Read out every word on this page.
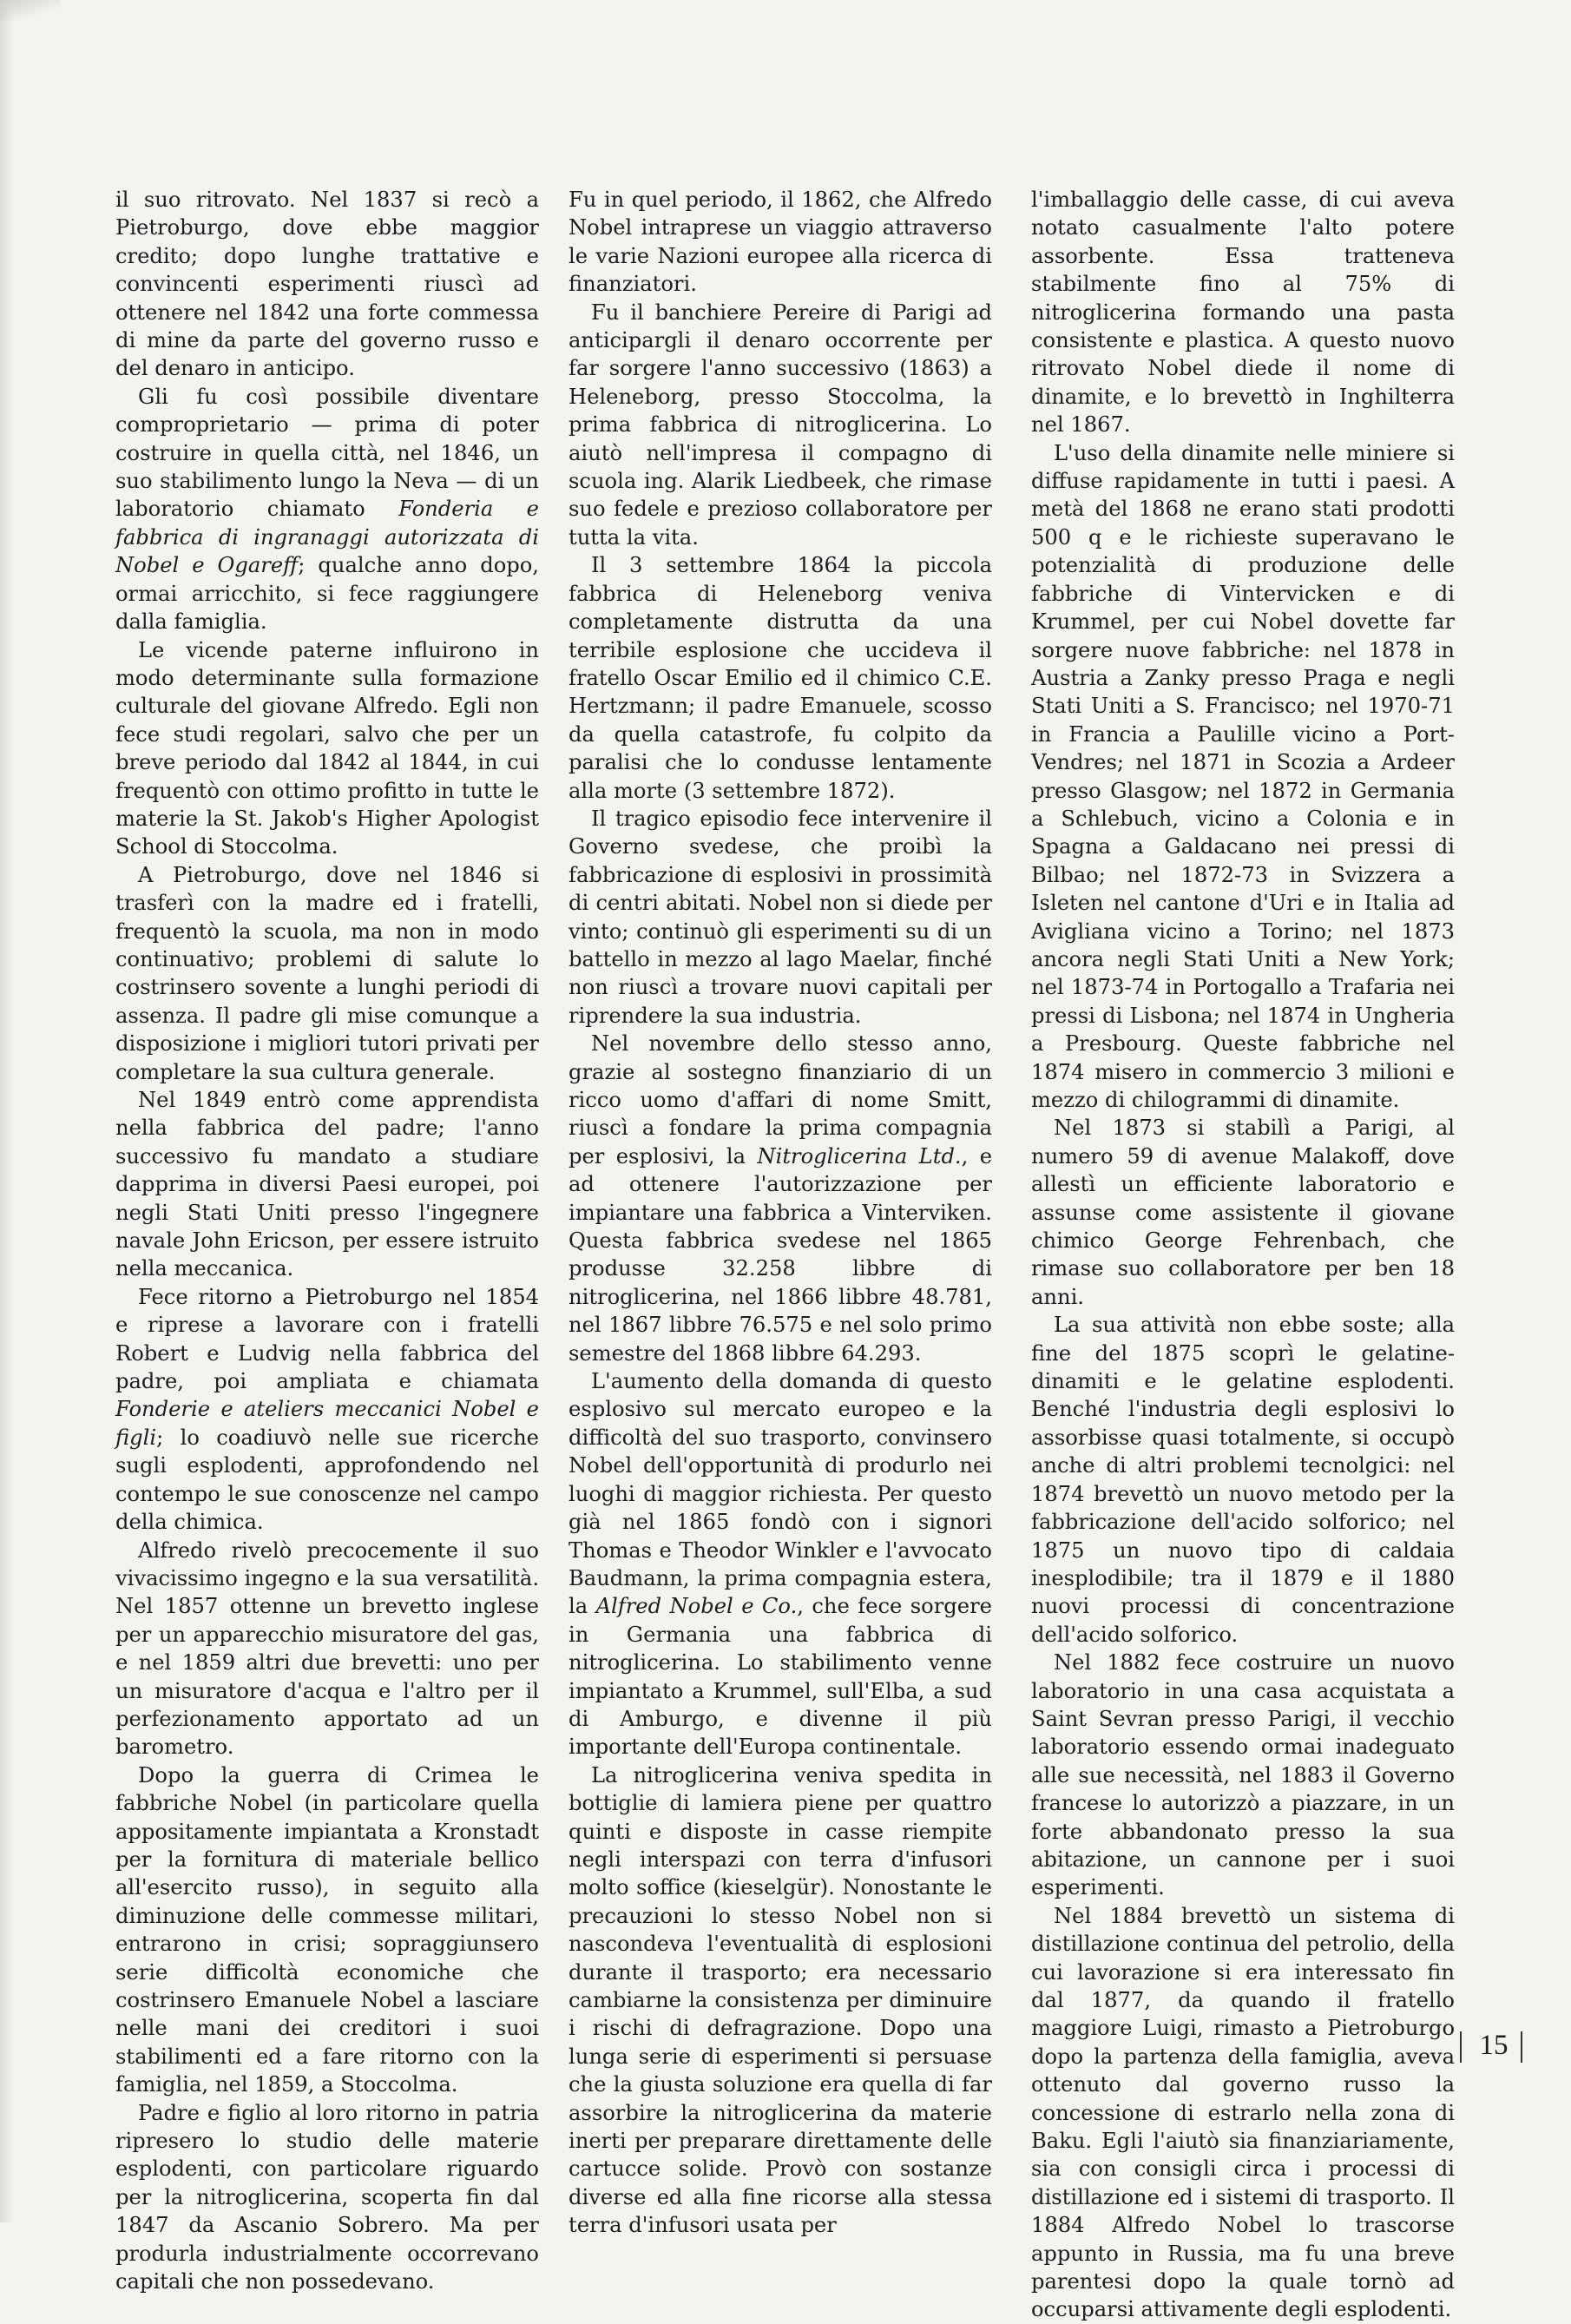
il suo ritrovato. Nel 1837 si recò a Pietroburgo, dove ebbe maggior credito; dopo lunghe trattative e convincenti esperimenti riuscì ad ottenere nel 1842 una forte commessa di mine da parte del governo russo e del denaro in anticipo.

Gli fu così possibile diventare comproprietario — prima di poter costruire in quella città, nel 1846, un suo stabilimento lungo la Neva — di un laboratorio chiamato Fonderia e fabbrica di ingranaggi autorizzata di Nobel e Ogareff; qualche anno dopo, ormai arricchito, si fece raggiungere dalla famiglia.

Le vicende paterne influirono in modo determinante sulla formazione culturale del giovane Alfredo. Egli non fece studi regolari, salvo che per un breve periodo dal 1842 al 1844, in cui frequentò con ottimo profitto in tutte le materie la St. Jakob's Higher Apologist School di Stoccolma.

A Pietroburgo, dove nel 1846 si trasferì con la madre ed i fratelli, frequentò la scuola, ma non in modo continuativo; problemi di salute lo costrinsero sovente a lunghi periodi di assenza. Il padre gli mise comunque a disposizione i migliori tutori privati per completare la sua cultura generale.

Nel 1849 entrò come apprendista nella fabbrica del padre; l'anno successivo fu mandato a studiare dapprima in diversi Paesi europei, poi negli Stati Uniti presso l'ingegnere navale John Ericson, per essere istruito nella meccanica.

Fece ritorno a Pietroburgo nel 1854 e riprese a lavorare con i fratelli Robert e Ludvig nella fabbrica del padre, poi ampliata e chiamata Fonderie e ateliers meccanici Nobel e figli; lo coadiuvò nelle sue ricerche sugli esplodenti, approfondendo nel contempo le sue conoscenze nel campo della chimica.

Alfredo rivelò precocemente il suo vivacissimo ingegno e la sua versatilità. Nel 1857 ottenne un brevetto inglese per un apparecchio misuratore del gas, e nel 1859 altri due brevetti: uno per un misuratore d'acqua e l'altro per il perfezionamento apportato ad un barometro.

Dopo la guerra di Crimea le fabbriche Nobel (in particolare quella appositamente impiantata a Kronstadt per la fornitura di materiale bellico all'esercito russo), in seguito alla diminuzione delle commesse militari, entrarono in crisi; sopraggiunsero serie difficoltà economiche che costrinsero Emanuele Nobel a lasciare nelle mani dei creditori i suoi stabilimenti ed a fare ritorno con la famiglia, nel 1859, a Stoccolma.

Padre e figlio al loro ritorno in patria ripresero lo studio delle materie esplodenti, con particolare riguardo per la nitroglicerina, scoperta fin dal 1847 da Ascanio Sobrero. Ma per produrla industrialmente occorrevano capitali che non possedevano.

Fu in quel periodo, il 1862, che Alfredo Nobel intraprese un viaggio attraverso le varie Nazioni europee alla ricerca di finanziatori.

Fu il banchiere Pereire di Parigi ad anticipargli il denaro occorrente per far sorgere l'anno successivo (1863) a Heleneborg, presso Stoccolma, la prima fabbrica di nitroglicerina. Lo aiutò nell'impresa il compagno di scuola ing. Alarik Liedbeek, che rimase suo fedele e prezioso collaboratore per tutta la vita.

Il 3 settembre 1864 la piccola fabbrica di Heleneborg veniva completamente distrutta da una terribile esplosione che uccideva il fratello Oscar Emilio ed il chimico C.E. Hertzmann; il padre Emanuele, scosso da quella catastrofe, fu colpito da paralisi che lo condusse lentamente alla morte (3 settembre 1872).

Il tragico episodio fece intervenire il Governo svedese, che proibì la fabbricazione di esplosivi in prossimità di centri abitati. Nobel non si diede per vinto; continuò gli esperimenti su di un battello in mezzo al lago Maelar, finché non riuscì a trovare nuovi capitali per riprendere la sua industria.

Nel novembre dello stesso anno, grazie al sostegno finanziario di un ricco uomo d'affari di nome Smitt, riuscì a fondare la prima compagnia per esplosivi, la Nitroglicerina Ltd., e ad ottenere l'autorizzazione per impiantare una fabbrica a Vinterviken. Questa fabbrica svedese nel 1865 produsse 32.258 libbre di nitroglicerina, nel 1866 libbre 48.781, nel 1867 libbre 76.575 e nel solo primo semestre del 1868 libbre 64.293.

L'aumento della domanda di questo esplosivo sul mercato europeo e la difficoltà del suo trasporto, convinsero Nobel dell'opportunità di produrlo nei luoghi di maggior richiesta. Per questo già nel 1865 fondò con i signori Thomas e Theodor Winkler e l'avvocato Baudmann, la prima compagnia estera, la Alfred Nobel e Co., che fece sorgere in Germania una fabbrica di nitroglicerina. Lo stabilimento venne impiantato a Krummel, sull'Elba, a sud di Amburgo, e divenne il più importante dell'Europa continentale.

La nitroglicerina veniva spedita in bottiglie di lamiera piene per quattro quinti e disposte in casse riempite negli interspazi con terra d'infusori molto soffice (kieselgür). Nonostante le precauzioni lo stesso Nobel non si nascondeva l'eventualità di esplosioni durante il trasporto; era necessario cambiarne la consistenza per diminuire i rischi di defragrazione. Dopo una lunga serie di esperimenti si persuase che la giusta soluzione era quella di far assorbire la nitroglicerina da materie inerti per preparare direttamente delle cartucce solide. Provò con sostanze diverse ed alla fine ricorse alla stessa terra d'infusori usata per

l'imballaggio delle casse, di cui aveva notato casualmente l'alto potere assorbente. Essa tratteneva stabilmente fino al 75% di nitroglicerina formando una pasta consistente e plastica. A questo nuovo ritrovato Nobel diede il nome di dinamite, e lo brevettò in Inghilterra nel 1867.

L'uso della dinamite nelle miniere si diffuse rapidamente in tutti i paesi. A metà del 1868 ne erano stati prodotti 500 q e le richieste superavano le potenzialità di produzione delle fabbriche di Vintervicken e di Krummel, per cui Nobel dovette far sorgere nuove fabbriche: nel 1878 in Austria a Zanky presso Praga e negli Stati Uniti a S. Francisco; nel 1970-71 in Francia a Paulille vicino a Port-Vendres; nel 1871 in Scozia a Ardeer presso Glasgow; nel 1872 in Germania a Schlebuch, vicino a Colonia e in Spagna a Galdacano nei pressi di Bilbao; nel 1872-73 in Svizzera a Isleten nel cantone d'Uri e in Italia ad Avigliana vicino a Torino; nel 1873 ancora negli Stati Uniti a New York; nel 1873-74 in Portogallo a Trafaria nei pressi di Lisbona; nel 1874 in Ungheria a Presbourg. Queste fabbriche nel 1874 misero in commercio 3 milioni e mezzo di chilogrammi di dinamite.

Nel 1873 si stabilì a Parigi, al numero 59 di avenue Malakoff, dove allestì un efficiente laboratorio e assunse come assistente il giovane chimico George Fehrenbach, che rimase suo collaboratore per ben 18 anni.

La sua attività non ebbe soste; alla fine del 1875 scoprì le gelatine-dinamiti e le gelatine esplodenti. Benché l'industria degli esplosivi lo assorbisse quasi totalmente, si occupò anche di altri problemi tecnolgici: nel 1874 brevettò un nuovo metodo per la fabbricazione dell'acido solforico; nel 1875 un nuovo tipo di caldaia inesplodibile; tra il 1879 e il 1880 nuovi processi di concentrazione dell'acido solforico.

Nel 1882 fece costruire un nuovo laboratorio in una casa acquistata a Saint Sevran presso Parigi, il vecchio laboratorio essendo ormai inadeguato alle sue necessità, nel 1883 il Governo francese lo autorizzò a piazzare, in un forte abbandonato presso la sua abitazione, un cannone per i suoi esperimenti.

Nel 1884 brevettò un sistema di distillazione continua del petrolio, della cui lavorazione si era interessato fin dal 1877, da quando il fratello maggiore Luigi, rimasto a Pietroburgo dopo la partenza della famiglia, aveva ottenuto dal governo russo la concessione di estrarlo nella zona di Baku. Egli l'aiutò sia finanziariamente, sia con consigli circa i processi di distillazione ed i sistemi di trasporto. Il 1884 Alfredo Nobel lo trascorse appunto in Russia, ma fu una breve parentesi dopo la quale tornò ad occuparsi attivamente degli esplodenti.

15
